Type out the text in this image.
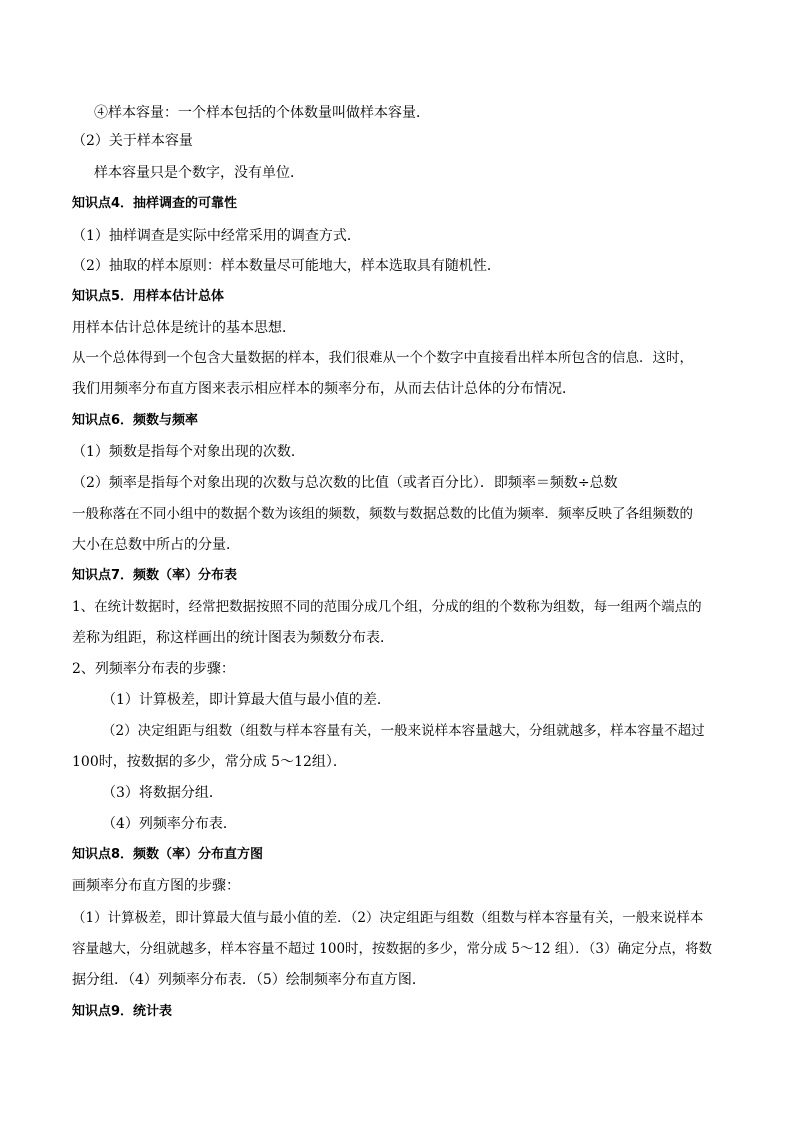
④样本容量：一个样本包括的个体数量叫做样本容量．
（2）关于样本容量
样本容量只是个数字，没有单位．
知识点4．抽样调查的可靠性
（1）抽样调查是实际中经常采用的调查方式．
（2）抽取的样本原则：样本数量尽可能地大，样本选取具有随机性．
知识点5．用样本估计总体
用样本估计总体是统计的基本思想．
从一个总体得到一个包含大量数据的样本，我们很难从一个个数字中直接看出样本所包含的信息．这时，
我们用频率分布直方图来表示相应样本的频率分布，从而去估计总体的分布情况．
知识点6．频数与频率
（1）频数是指每个对象出现的次数．
（2）频率是指每个对象出现的次数与总次数的比值（或者百分比）．即频率＝频数÷总数
一般称落在不同小组中的数据个数为该组的频数，频数与数据总数的比值为频率．频率反映了各组频数的
大小在总数中所占的分量．
知识点7．频数（率）分布表
1、在统计数据时，经常把数据按照不同的范围分成几个组，分成的组的个数称为组数，每一组两个端点的
差称为组距，称这样画出的统计图表为频数分布表．
2、列频率分布表的步骤：
（1）计算极差，即计算最大值与最小值的差．
（2）决定组距与组数（组数与样本容量有关，一般来说样本容量越大，分组就越多，样本容量不超过
100时，按数据的多少，常分成 5～12组）．
（3）将数据分组．
（4）列频率分布表．
知识点8．频数（率）分布直方图
画频率分布直方图的步骤：
（1）计算极差，即计算最大值与最小值的差．（2）决定组距与组数（组数与样本容量有关，一般来说样本
容量越大，分组就越多，样本容量不超过 100时，按数据的多少，常分成 5～12 组）．（3）确定分点，将数
据分组．（4）列频率分布表．（5）绘制频率分布直方图．
知识点9．统计表
